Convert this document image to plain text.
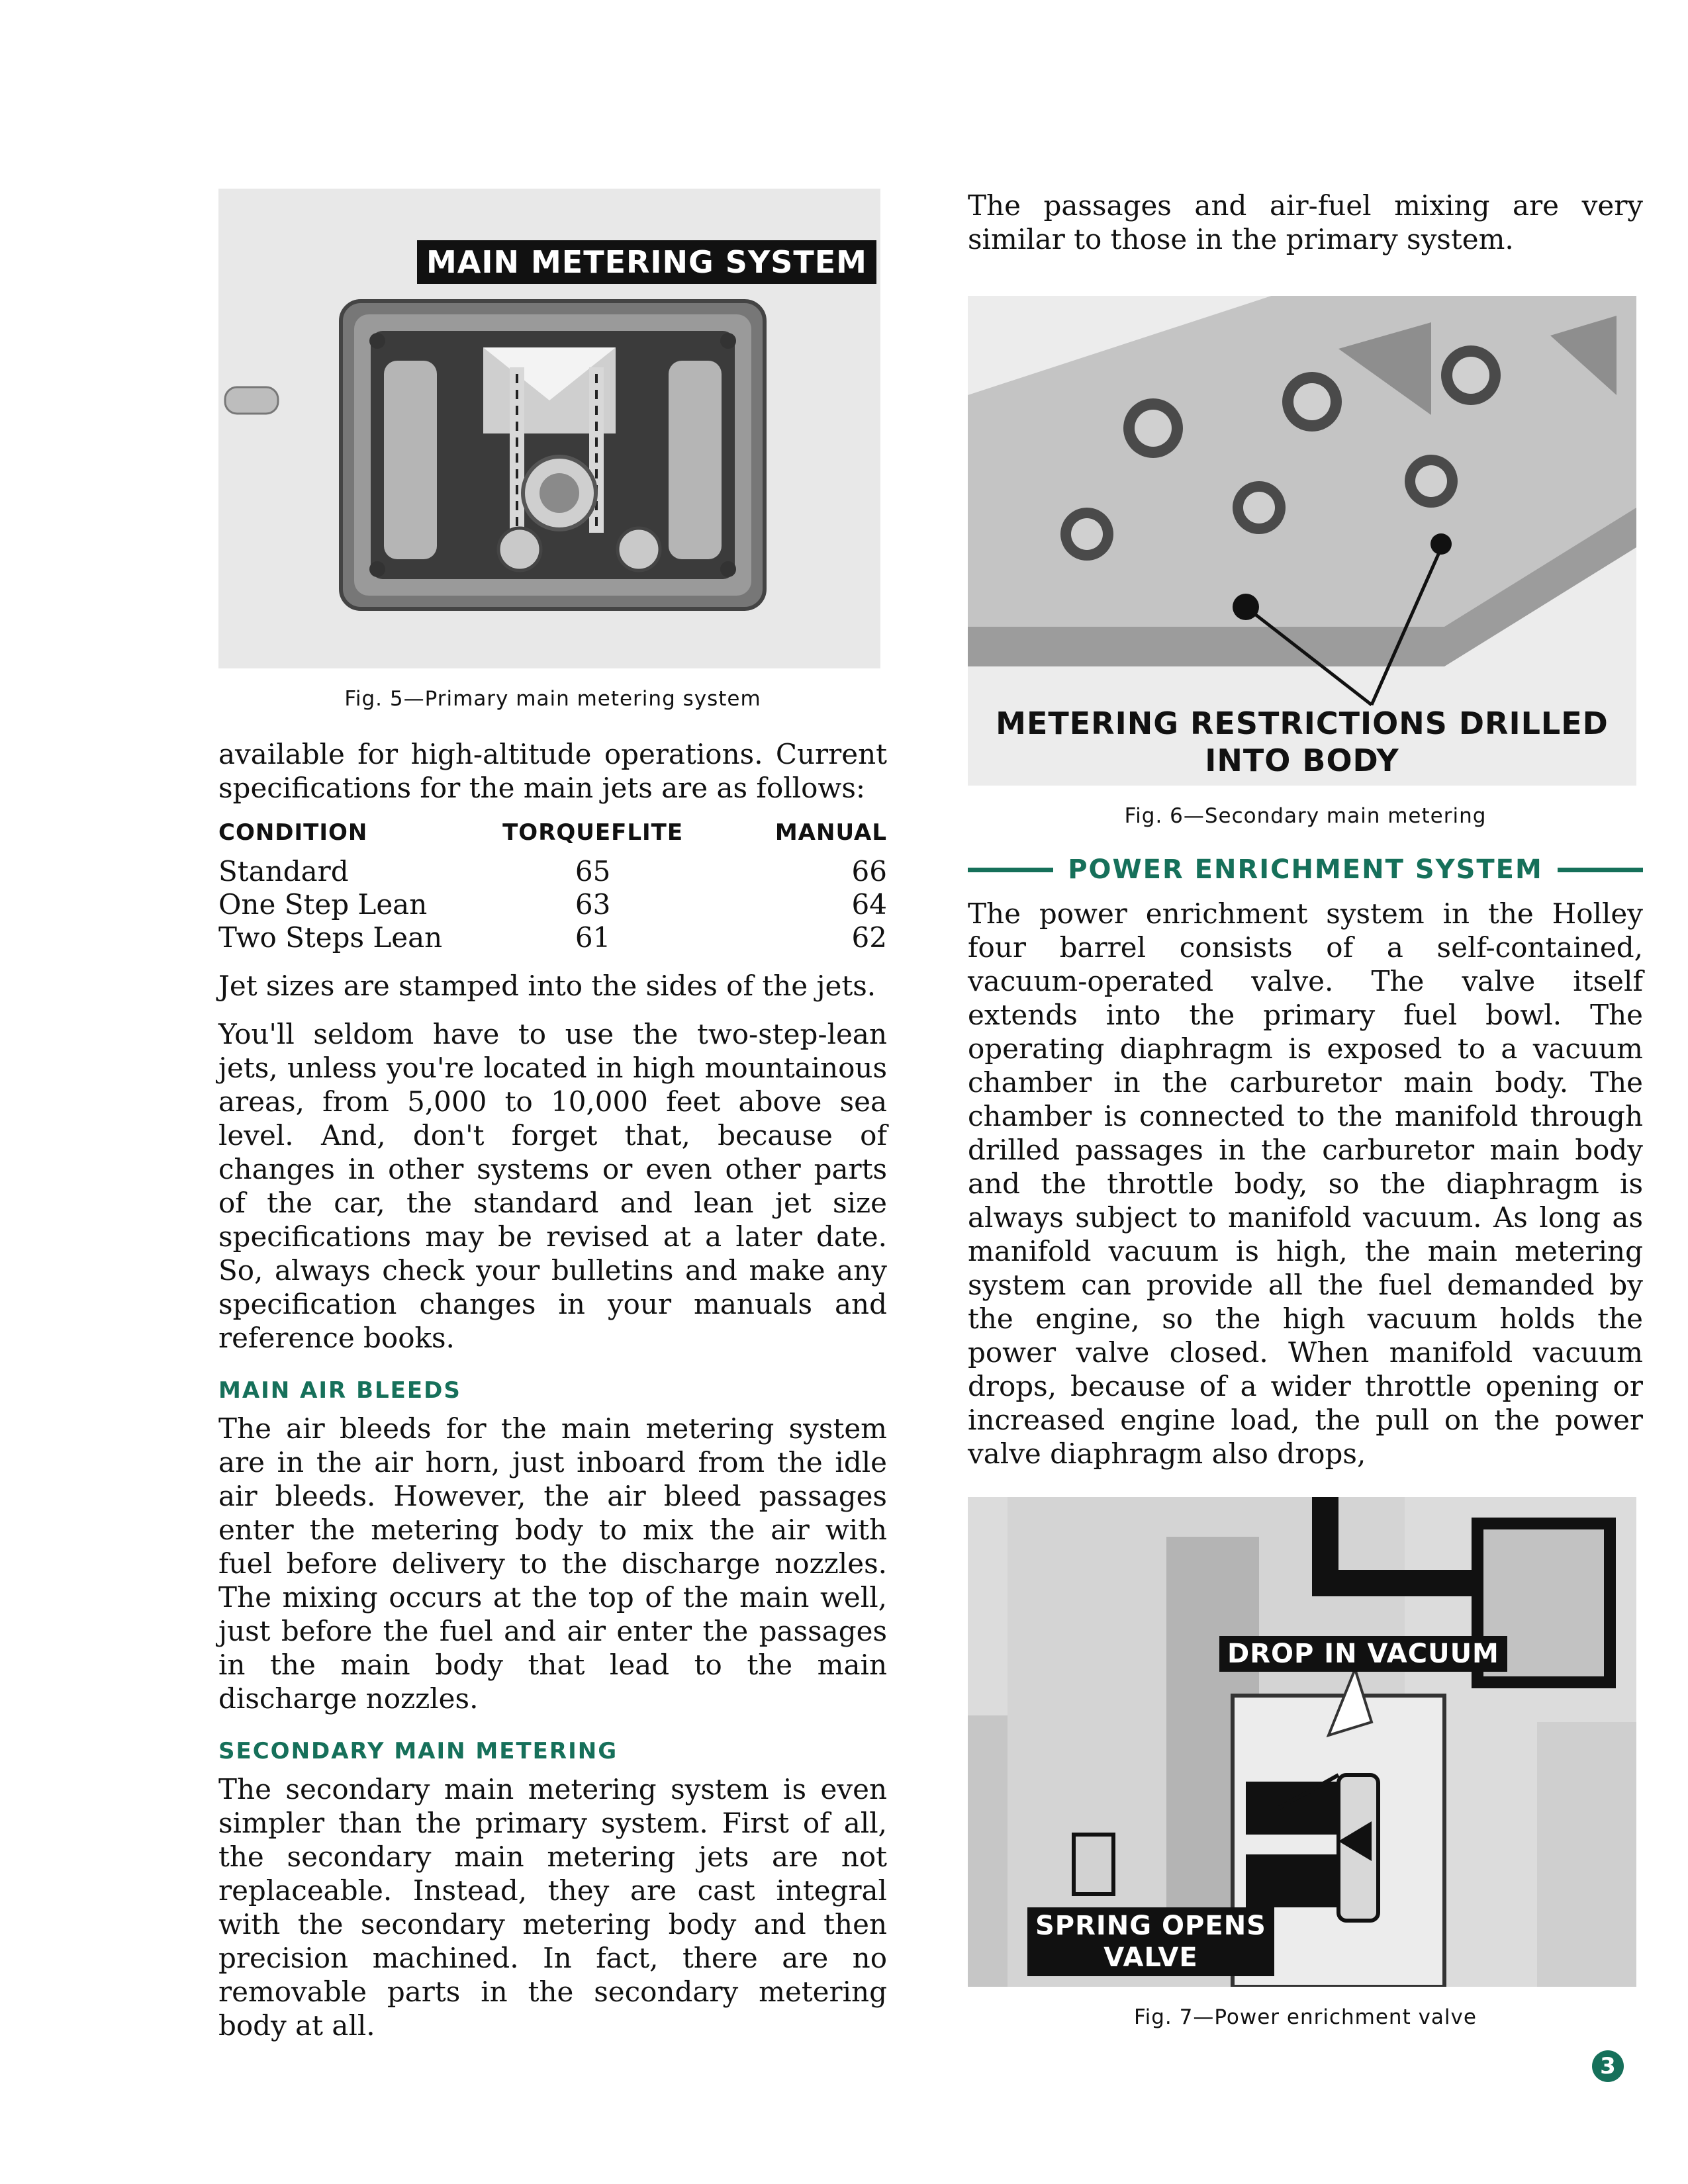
MAIN METERING SYSTEM
Fig. 5—Primary main metering system

available for high-altitude operations. Current specifications for the main jets are as follows:

CONDITION	TORQUEFLITE	MANUAL
Standard	65	66
One Step Lean	63	64
Two Steps Lean	61	62

Jet sizes are stamped into the sides of the jets.

You'll seldom have to use the two-step-lean jets, unless you're located in high mountainous areas, from 5,000 to 10,000 feet above sea level. And, don't forget that, because of changes in other systems or even other parts of the car, the standard and lean jet size specifications may be revised at a later date. So, always check your bulletins and make any specification changes in your manuals and reference books.

MAIN AIR BLEEDS

The air bleeds for the main metering system are in the air horn, just inboard from the idle air bleeds. However, the air bleed passages enter the metering body to mix the air with fuel before delivery to the discharge nozzles. The mixing occurs at the top of the main well, just before the fuel and air enter the passages in the main body that lead to the main discharge nozzles.

SECONDARY MAIN METERING

The secondary main metering system is even simpler than the primary system. First of all, the secondary main metering jets are not replaceable. Instead, they are cast integral with the secondary metering body and then precision machined. In fact, there are no removable parts in the secondary metering body at all.

The passages and air-fuel mixing are very similar to those in the primary system.

METERING RESTRICTIONS DRILLED
INTO BODY
Fig. 6—Secondary main metering
POWER ENRICHMENT SYSTEM

The power enrichment system in the Holley four barrel consists of a self-contained, vacuum-operated valve. The valve itself extends into the primary fuel bowl. The operating diaphragm is exposed to a vacuum chamber in the carburetor main body. The chamber is connected to the manifold through drilled passages in the carburetor main body and the throttle body, so the diaphragm is always subject to manifold vacuum. As long as manifold vacuum is high, the main metering system can provide all the fuel demanded by the engine, so the high vacuum holds the power valve closed. When manifold vacuum drops, because of a wider throttle opening or increased engine load, the pull on the power valve diaphragm also drops,

DROP IN VACUUM
SPRING OPENS
VALVE
Fig. 7—Power enrichment valve
3
